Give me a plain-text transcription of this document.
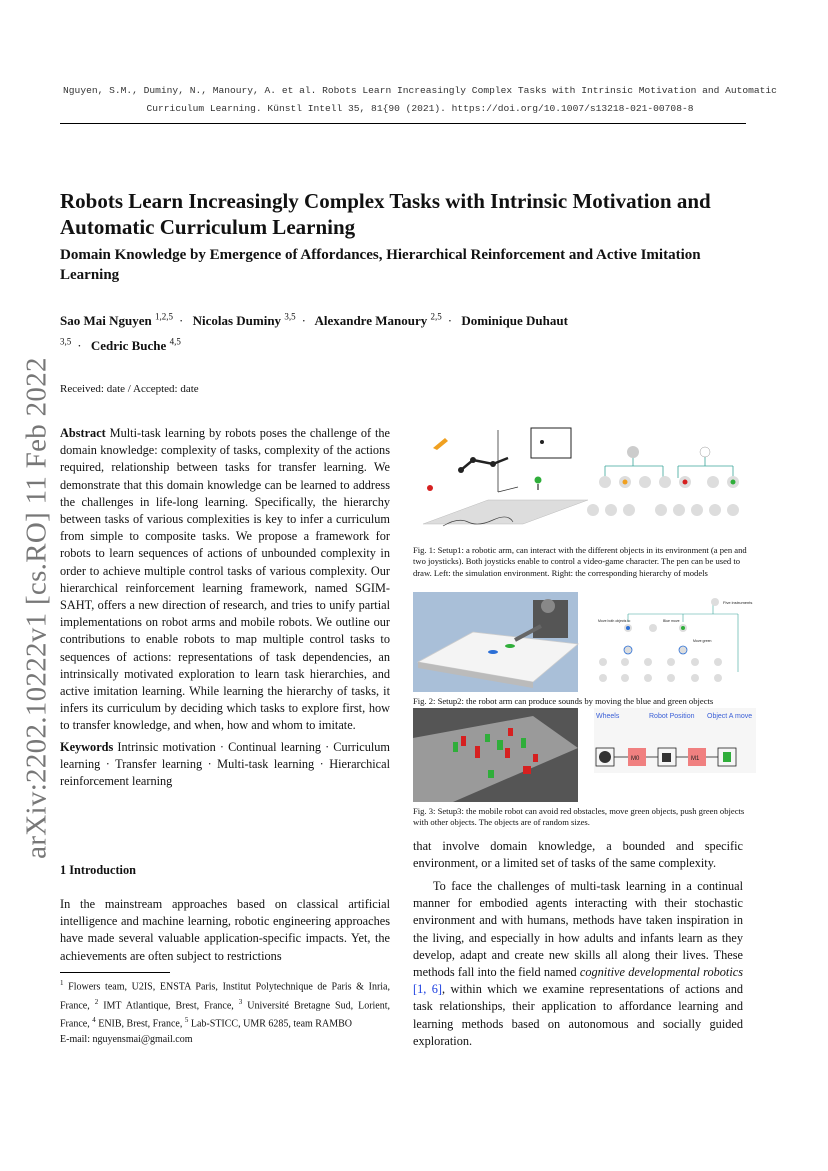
Nguyen, S.M., Duminy, N., Manoury, A. et al. Robots Learn Increasingly Complex Tasks with Intrinsic Motivation and Automatic
Curriculum Learning. Künstl Intell 35, 81{90 (2021). https://doi.org/10.1007/s13218-021-00708-8
arXiv:2202.10222v1 [cs.RO] 11 Feb 2022
Robots Learn Increasingly Complex Tasks with Intrinsic Motivation and Automatic Curriculum Learning
Domain Knowledge by Emergence of Affordances, Hierarchical Reinforcement and Active Imitation Learning
Sao Mai Nguyen $^{1,2,5}$ · Nicolas Duminy $^{3,5}$ · Alexandre Manoury $^{2,5}$ · Dominique Duhaut $^{3,5}$ · Cedric Buche $^{4,5}$
Received: date / Accepted: date

Abstract Multi-task learning by robots poses the challenge of the domain knowledge: complexity of tasks, complexity of the actions required, relationship between tasks for transfer learning. We demonstrate that this domain knowledge can be learned to address the challenges in life-long learning. Specifically, the hierarchy between tasks of various complexities is key to infer a curriculum from simple to composite tasks. We propose a framework for robots to learn sequences of actions of unbounded complexity in order to achieve multiple control tasks of various complexity. Our hierarchical reinforcement learning framework, named SGIM-SAHT, offers a new direction of research, and tries to unify partial implementations on robot arms and mobile robots. We outline our contributions to enable robots to map multiple control tasks to sequences of actions: representations of task dependencies, an intrinsically motivated exploration to learn task hierarchies, and active imitation learning. While learning the hierarchy of tasks, it infers its curriculum by deciding which tasks to explore first, how to transfer knowledge, and when, how and whom to imitate.

Keywords Intrinsic motivation · Continual learning · Curriculum learning · Transfer learning · Multi-task learning · Hierarchical reinforcement learning

1 Introduction

In the mainstream approaches based on classical artificial intelligence and machine learning, robotic engineering approaches have made several valuable application-specific impacts. Yet, the achievements are often subject to restrictions

$^1$ Flowers team, U2IS, ENSTA Paris, Institut Polytechnique de Paris & Inria, France, $^2$ IMT Atlantique, Brest, France, $^3$ Université Bretagne Sud, Lorient, France, $^4$ ENIB, Brest, France, $^5$ Lab-STICC, UMR 6285, team RAMBO
E-mail: nguyensmai@gmail.com
Fig. 1: Setup1: a robotic arm, can interact with the different objects in its environment (a pen and two joysticks). Both joysticks enable to control a video-game character. The pen can be used to draw. Left: the simulation environment. Right: the corresponding hierarchy of models
Five instruments
Move both objects to	Blue move
Move green
Fig. 2: Setup2: the robot arm can produce sounds by moving the blue and green objects
Wheels	Robot Position Object A move
M0	M1
Fig. 3: Setup3: the mobile robot can avoid red obstacles, move green objects, push green objects with other objects. The objects are of random sizes.

that involve domain knowledge, a bounded and specific environment, or a limited set of tasks of the same complexity.

To face the challenges of multi-task learning in a continual manner for embodied agents interacting with their stochastic environment and with humans, methods have taken inspiration in the living, and especially in how adults and infants learn as they develop, adapt and create new skills all along their lives. These methods fall into the field named cognitive developmental robotics [1, 6], within which we examine representations of actions and task relationships, their application to affordance learning and learning methods based on autonomous and socially guided exploration.
